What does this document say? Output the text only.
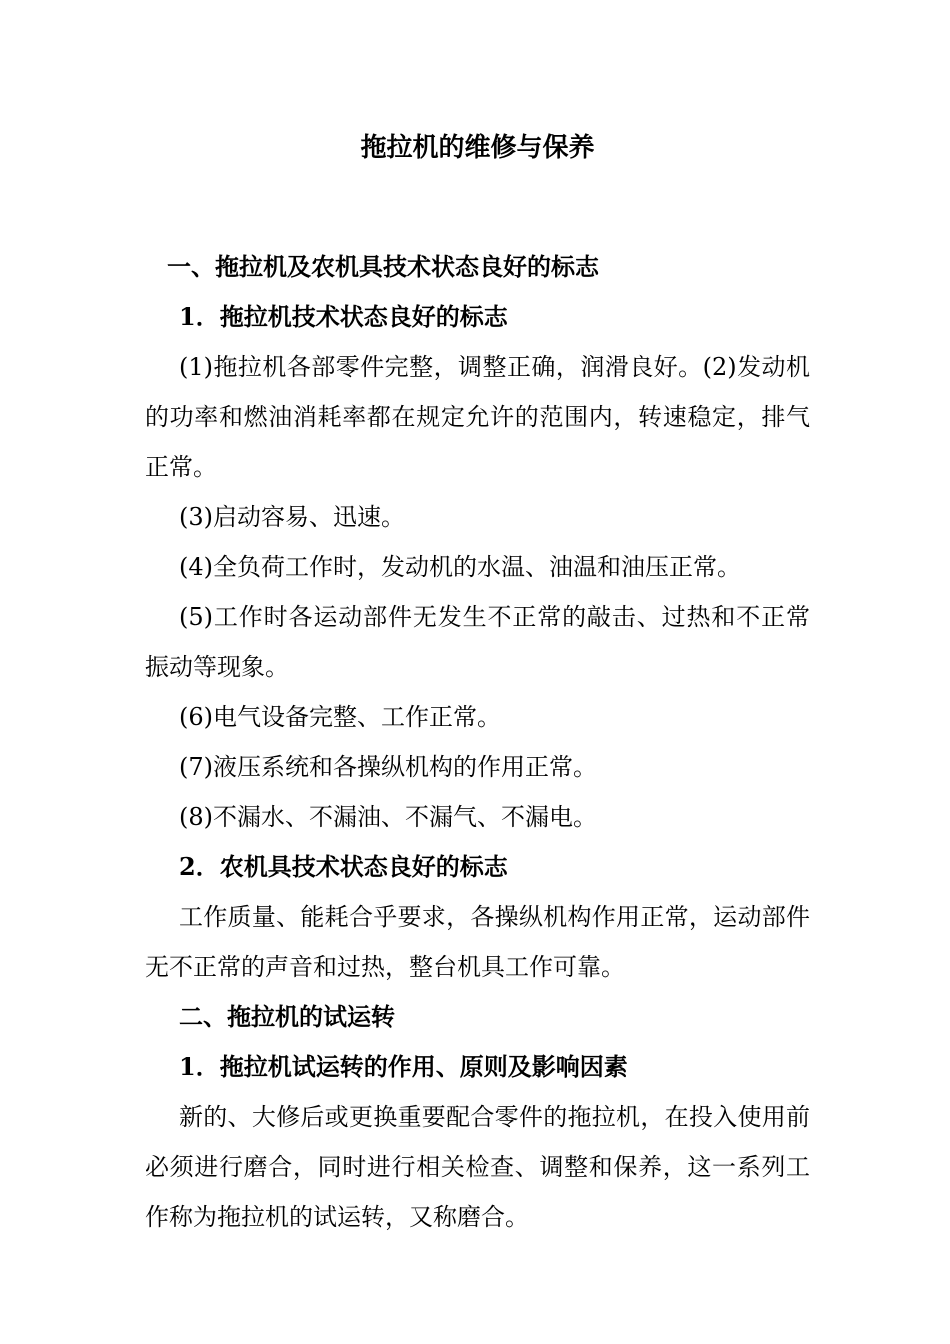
拖拉机的维修与保养

一、拖拉机及农机具技术状态良好的标志

1．拖拉机技术状态良好的标志

(1)拖拉机各部零件完整，调整正确，润滑良好。(2)发动机的功率和燃油消耗率都在规定允许的范围内，转速稳定，排气正常。

(3)启动容易、迅速。

(4)全负荷工作时，发动机的水温、油温和油压正常。

(5)工作时各运动部件无发生不正常的敲击、过热和不正常振动等现象。

(6)电气设备完整、工作正常。

(7)液压系统和各操纵机构的作用正常。

(8)不漏水、不漏油、不漏气、不漏电。

2．农机具技术状态良好的标志

工作质量、能耗合乎要求，各操纵机构作用正常，运动部件无不正常的声音和过热，整台机具工作可靠。

二、拖拉机的试运转

1．拖拉机试运转的作用、原则及影响因素

新的、大修后或更换重要配合零件的拖拉机，在投入使用前必须进行磨合，同时进行相关检查、调整和保养，这一系列工作称为拖拉机的试运转，又称磨合。
